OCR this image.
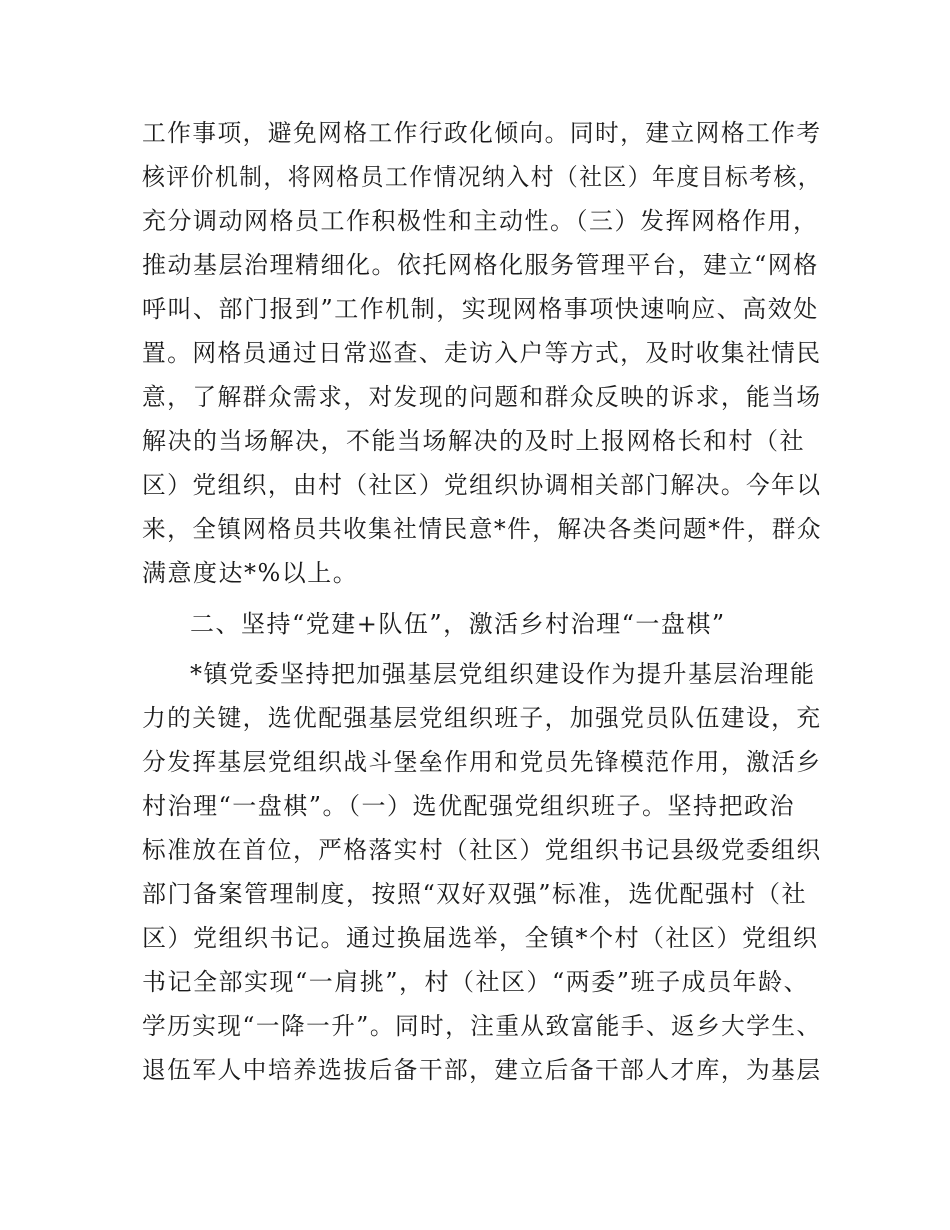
工作事项，避免网格工作行政化倾向。同时，建立网格工作考
核评价机制，将网格员工作情况纳入村（社区）年度目标考核，
充分调动网格员工作积极性和主动性。（三）发挥网格作用，
推动基层治理精细化。依托网格化服务管理平台，建立“网格
呼叫、部门报到”工作机制，实现网格事项快速响应、高效处
置。网格员通过日常巡查、走访入户等方式，及时收集社情民
意，了解群众需求，对发现的问题和群众反映的诉求，能当场
解决的当场解决，不能当场解决的及时上报网格长和村（社
区）党组织，由村（社区）党组织协调相关部门解决。今年以
来，全镇网格员共收集社情民意*件，解决各类问题*件，群众
满意度达*%以上。
二、坚持“党建+队伍”，激活乡村治理“一盘棋”
*镇党委坚持把加强基层党组织建设作为提升基层治理能
力的关键，选优配强基层党组织班子，加强党员队伍建设，充
分发挥基层党组织战斗堡垒作用和党员先锋模范作用，激活乡
村治理“一盘棋”。（一）选优配强党组织班子。坚持把政治
标准放在首位，严格落实村（社区）党组织书记县级党委组织
部门备案管理制度，按照“双好双强”标准，选优配强村（社
区）党组织书记。通过换届选举，全镇*个村（社区）党组织
书记全部实现“一肩挑”，村（社区）“两委”班子成员年龄、
学历实现“一降一升”。同时，注重从致富能手、返乡大学生、
退伍军人中培养选拔后备干部，建立后备干部人才库，为基层
